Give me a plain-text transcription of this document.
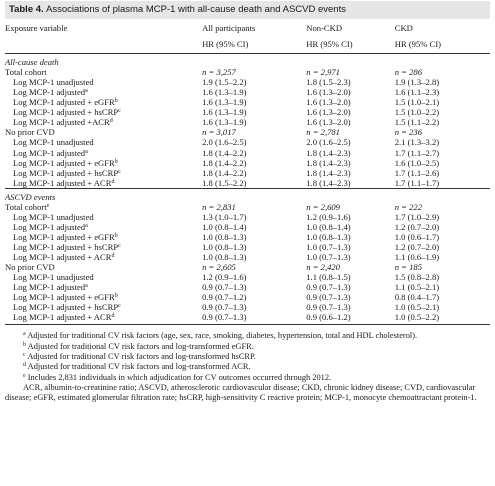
Table 4. Associations of plasma MCP-1 with all-cause death and ASCVD events
Exposure variable	All participants	Non-CKD	CKD
	HR (95% CI)	HR (95% CI)	HR (95% CI)
All-cause death			
Total cohort	n = 3,257	n = 2,971	n = 286
Log MCP-1 unadjusted	1.9 (1.5–2.2)	1.8 (1.5–2.3)	1.9 (1.3–2.8)
Log MCP-1 adjusted$^a$	1.6 (1.3–1.9)	1.6 (1.3–2.0)	1.6 (1.1–2.3)
Log MCP-1 adjusted + eGFR$^b$	1.6 (1.3–1.9)	1.6 (1.3–2.0)	1.5 (1.0–2.1)
Log MCP-1 adjusted + hsCRP$^c$	1.6 (1.3–1.9)	1.6 (1.3–2.0)	1.5 (1.0–2.2)
Log MCP-1 adjusted $+ACR^d$	1.6 (1.3–1.9)	1.6 (1.3–2.0)	1.5 (1.1–2.2)
No prior CVD	n = 3,017	n = 2,781	n = 236
Log MCP-1 unadjusted	2.0 (1.6–2.5)	2.0 (1.6–2.5)	2.1 (1.3–3.2)
Log MCP-1 adjusted$^a$	1.8 (1.4–2.2)	1.8 (1.4–2.3)	1.7 (1.1–2.7)
Log MCP-1 adjusted + eGFR$^b$	1.8 (1.4–2.2)	1.8 (1.4–2.3)	1.6 (1.0–2.5)
Log MCP-1 adjusted + hsCRP$^c$	1.8 (1.4–2.2)	1.8 (1.4–2.3)	1.7 (1.1–2.6)
Log MCP-1 adjusted + $ACR^d$	1.8 (1.5–2.2)	1.8 (1.4–2.3)	1.7 (1.1–1.7)
ASCVD events			
Total cohort$^e$	n = 2,831	n = 2,609	n = 222
Log MCP-1 unadjusted	1.3 (1.0–1.7)	1.2 (0.9–1.6)	1.7 (1.0–2.9)
Log MCP-1 adjusted$^a$	1.0 (0.8–1.4)	1.0 (0.8–1.4)	1.2 (0.7–2.0)
Log MCP-1 adjusted + eGFR$^b$	1.0 (0.8–1.3)	1.0 (0.8–1.3)	1.0 (0.6–1.7)
Log MCP-1 adjusted + hsCRP$^c$	1.0 (0.8–1.3)	1.0 (0.7–1.3)	1.2 (0.7–2.0)
Log MCP-1 adjusted + $ACR^d$	1.0 (0.8–1.3)	1.0 (0.7–1.3)	1.1 (0.6–1.9)
No prior CVD	n = 2,605	n = 2,420	n = 185
Log MCP-1 unadjusted	1.2 (0.9–1.6)	1.1 (0.8–1.5)	1.5 (0.8–2.8)
Log MCP-1 adjusted$^a$	0.9 (0.7–1.3)	0.9 (0.7–1.3)	1.1 (0.5–2.1)
Log MCP-1 adjusted + eGFR$^b$	0.9 (0.7–1.2)	0.9 (0.7–1.3)	0.8 (0.4–1.7)
Log MCP-1 adjusted + hsCRP$^c$	0.9 (0.7–1.3)	0.9 (0.7–1.3)	1.0 (0.5–2.1)
Log MCP-1 adjusted + $ACR^d$	0.9 (0.7–1.3)	0.9 (0.6–1.2)	1.0 (0.5–2.2)
$^a$ Adjusted for traditional CV risk factors (age, sex, race, smoking, diabetes, hypertension, total and HDL cholesterol).
$^b$ Adjusted for traditional CV risk factors and log-transformed eGFR.
$^c$ Adjusted for traditional CV risk factors and log-transformed hsCRP.
$^d$ Adjusted for traditional CV risk factors and log-transformed ACR.
$^e$ Includes 2,831 individuals in which adjudication for CV outcomes occurred through 2012.
ACR, albumin-to-creatinine ratio; ASCVD, atherosclerotic cardiovascular disease; CKD, chronic kidney disease; CVD, cardiovascular disease; eGFR, estimated glomerular filtration rate; hsCRP, high-sensitivity C reactive protein; MCP-1, monocyte chemoattractant protein-1.
